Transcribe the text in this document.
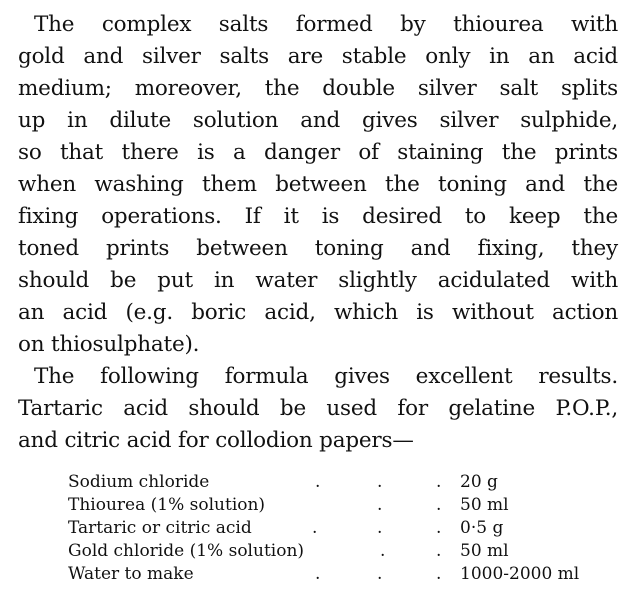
The complex salts formed by thiourea with
gold and silver salts are stable only in an acid
medium; moreover, the double silver salt splits
up in dilute solution and gives silver sulphide,
so that there is a danger of staining the prints
when washing them between the toning and the
fixing operations. If it is desired to keep the
toned prints between toning and fixing, they
should be put in water slightly acidulated with
an acid (e.g. boric acid, which is without action
on thiosulphate).
The following formula gives excellent results.
Tartaric acid should be used for gelatine P.O.P.,
and citric acid for collodion papers—
Sodium chloride	.	.	. 20 g
Thiourea (1% solution)	.	. 50 ml
Tartaric or citric acid	.	.	. 0·5 g
Gold chloride (1% solution)	.	. 50 ml
Water to make	.	.	. 1000-2000 ml
